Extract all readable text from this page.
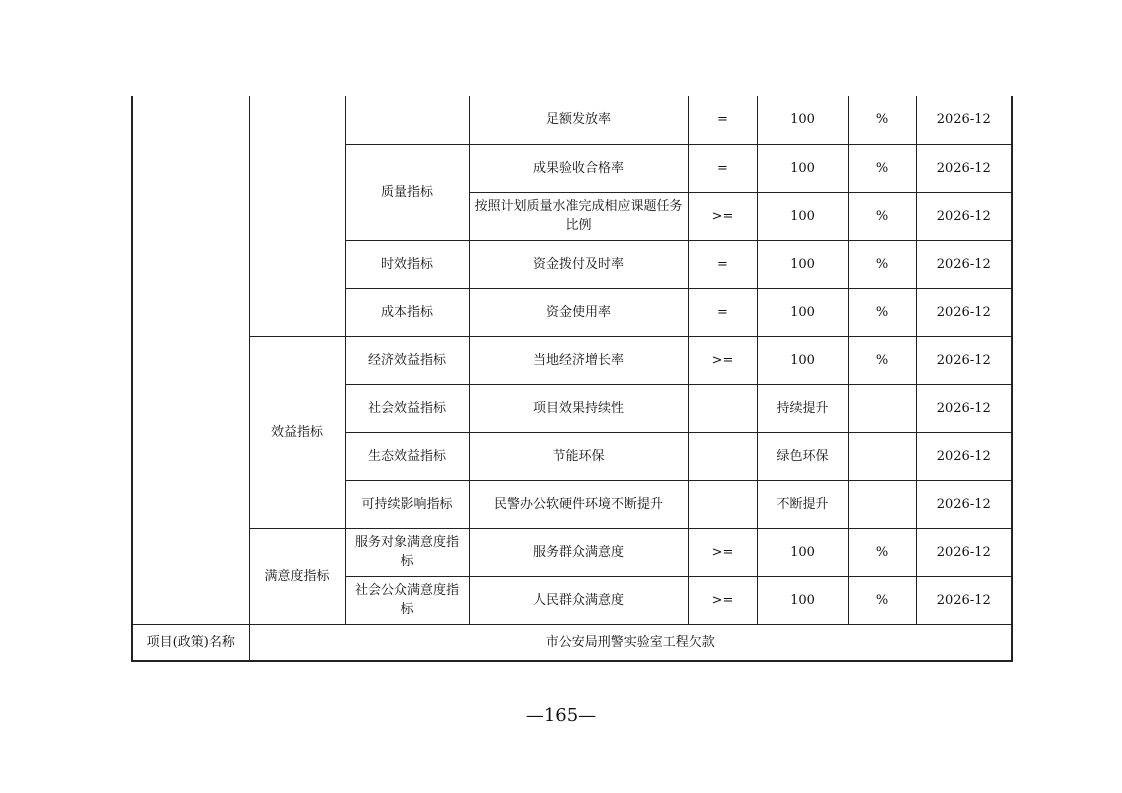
			足额发放率	=	100	%	2026-12
		质量指标	成果验收合格率	=	100	%	2026-12
			按照计划质量水准完成相应课题任务比例	>=	100	%	2026-12
		时效指标	资金拨付及时率	=	100	%	2026-12
		成本指标	资金使用率	=	100	%	2026-12
	效益指标	经济效益指标	当地经济增长率	>=	100	%	2026-12
		社会效益指标	项目效果持续性		持续提升		2026-12
		生态效益指标	节能环保		绿色环保		2026-12
		可持续影响指标	民警办公软硬件环境不断提升		不断提升		2026-12
	满意度指标	服务对象满意度指标	服务群众满意度	>=	100	%	2026-12
		社会公众满意度指标	人民群众满意度	>=	100	%	2026-12
项目(政策)名称	市公安局刑警实验室工程欠款						
—165—
